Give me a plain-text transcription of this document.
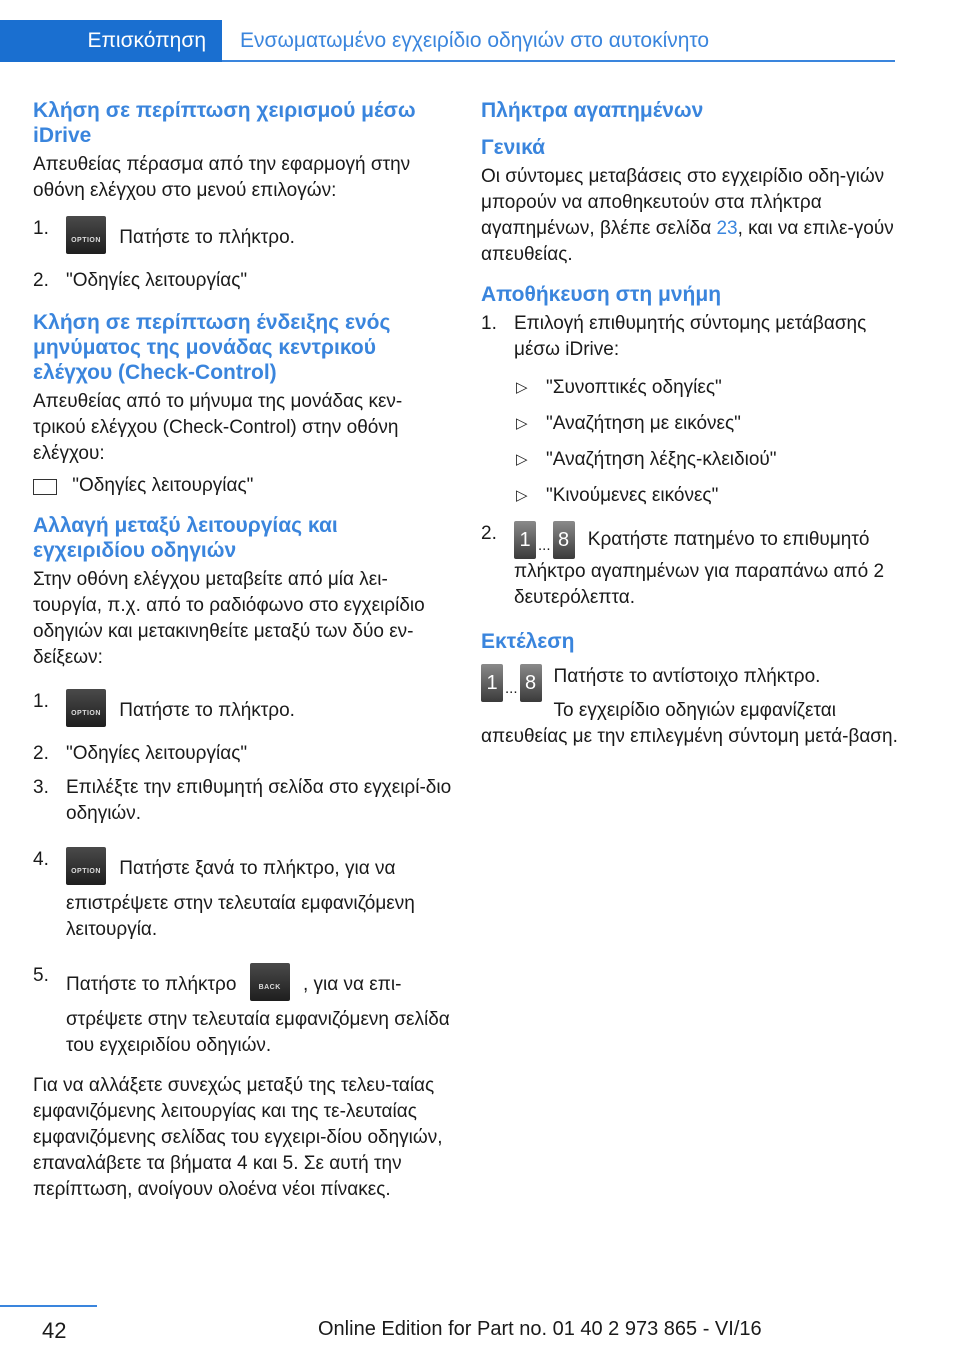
Επισκόπηση	Ενσωματωμένο εγχειρίδιο οδηγιών στο αυτοκίνητο
Κλήση σε περίπτωση χειρισμού μέσω iDrive

Απευθείας πέρασμα από την εφαρμογή στην οθόνη ελέγχου στο μενού επιλογών:

1.
OPTION Πατήστε το πλήκτρο.
2. "Οδηγίες λειτουργίας"
Κλήση σε περίπτωση ένδειξης ενός μηνύματος της μονάδας κεντρικού ελέγχου (Check-Control)

Απευθείας από το μήνυμα της μονάδας κεν-τρικού ελέγχου (Check-Control) στην οθόνη ελέγχου:

"Οδηγίες λειτουργίας"

Αλλαγή μεταξύ λειτουργίας και εγχειριδίου οδηγιών

Στην οθόνη ελέγχου μεταβείτε από μία λει-τουργία, π.χ. από το ραδιόφωνο στο εγχειρίδιο οδηγιών και μετακινηθείτε μεταξύ των δύο εν-δείξεων:

1.
OPTION Πατήστε το πλήκτρο.
2. "Οδηγίες λειτουργίας"
3. Επιλέξτε την επιθυμητή σελίδα στο εγχειρί-διο οδηγιών.
4.
OPTION Πατήστε ξανά το πλήκτρο, για να επιστρέψετε στην τελευταία εμφανιζόμενη λειτουργία.
5. Πατήστε το πλήκτρο	BACK	, για να επι-στρέψετε στην τελευταία εμφανιζόμενη σελίδα του εγχειριδίου οδηγιών.

Για να αλλάξετε συνεχώς μεταξύ της τελευ-ταίας εμφανιζόμενης λειτουργίας και της τε-λευταίας εμφανιζόμενης σελίδας του εγχειρι-δίου οδηγιών, επαναλάβετε τα βήματα 4 και 5. Σε αυτή την περίπτωση, ανοίγουν ολοένα νέοι πίνακες.

Πλήκτρα αγαπημένων
Γενικά

Οι σύντομες μεταβάσεις στο εγχειρίδιο οδη-γιών μπορούν να αποθηκευτούν στα πλήκτρα αγαπημένων, βλέπε σελίδα 23, και να επιλε-γούν απευθείας.

Αποθήκευση στη μνήμη
1. Επιλογή επιθυμητής σύντομης μετάβασης μέσω iDrive:
▷ "Συνοπτικές οδηγίες"
▷ "Αναζήτηση με εικόνες"
▷ "Αναζήτηση λέξης-κλειδιού"
▷ "Κινούμενες εικόνες"
2. 1 ... 8 Κρατήστε πατημένο το επιθυμητό πλήκτρο αγαπημένων για παραπάνω από 2 δευτερόλεπτα.
Εκτέλεση
1 ... 8 Πατήστε το αντίστοιχο πλήκτρο.
Το εγχειρίδιο οδηγιών εμφανίζεται απευθείας με την επιλεγμένη σύντομη μετά-βαση.
42	Online Edition for Part no. 01 40 2 973 865 - VI/16
